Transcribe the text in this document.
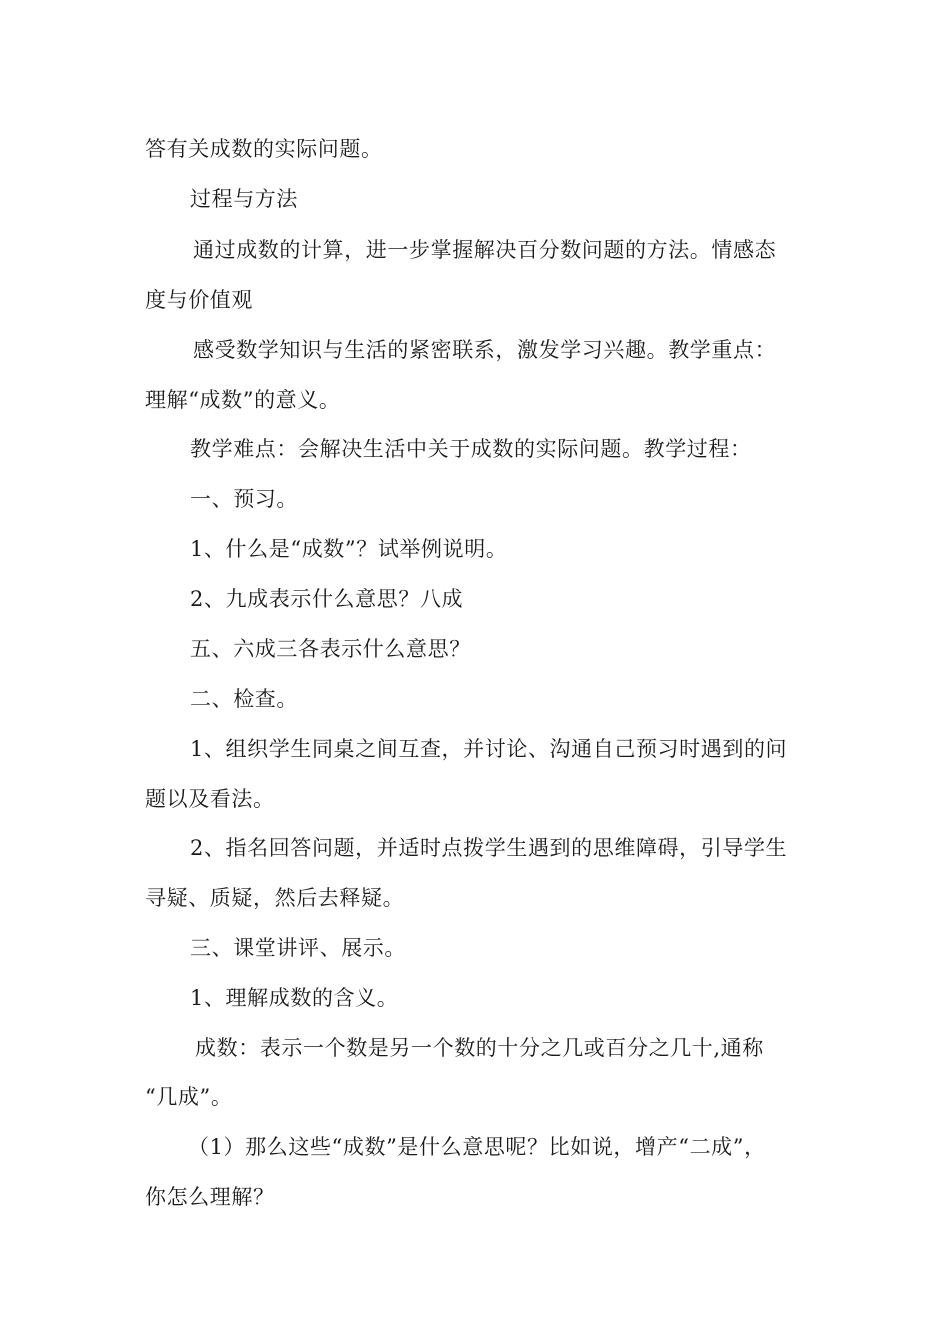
答有关成数的实际问题。
过程与方法
通过成数的计算，进一步掌握解决百分数问题的方法。情感态
度与价值观
感受数学知识与生活的紧密联系，激发学习兴趣。教学重点：
理解“成数”的意义。
教学难点：会解决生活中关于成数的实际问题。教学过程：
一、预习。
1、什么是“成数”？试举例说明。
2、九成表示什么意思？八成
五、六成三各表示什么意思？
二、检查。
1、组织学生同桌之间互查，并讨论、沟通自己预习时遇到的问
题以及看法。
2、指名回答问题，并适时点拨学生遇到的思维障碍，引导学生
寻疑、质疑，然后去释疑。
三、课堂讲评、展示。
1、理解成数的含义。
成数：表示一个数是另一个数的十分之几或百分之几十,通称
“几成”。
（1）那么这些“成数”是什么意思呢？比如说，增产“二成”，
你怎么理解？
